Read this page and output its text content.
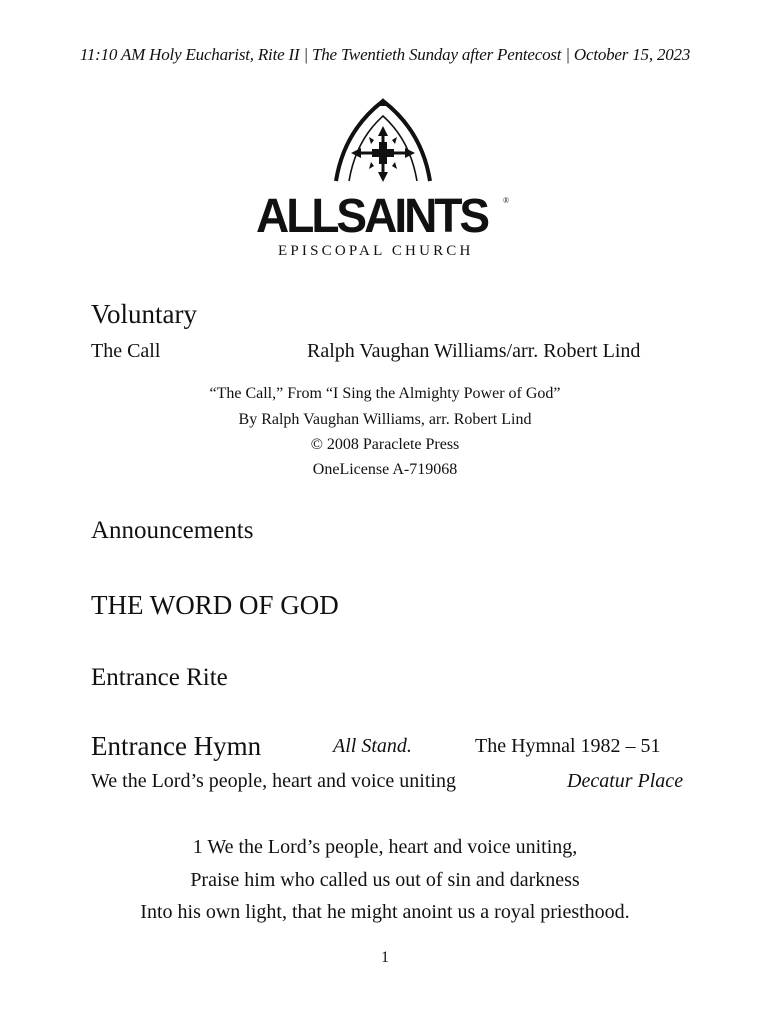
11:10 AM Holy Eucharist, Rite II | The Twentieth Sunday after Pentecost | October 15, 2023
ALLSAINTS ®
EPISCOPAL CHURCH
Voluntary
The Call	Ralph Vaughan Williams/arr. Robert Lind
“The Call,” From “I Sing the Almighty Power of God”
By Ralph Vaughan Williams, arr. Robert Lind
© 2008 Paraclete Press
OneLicense A-719068
Announcements
THE WORD OF GOD
Entrance Rite
Entrance Hymn	All Stand.	The Hymnal 1982 – 51
We the Lord’s people, heart and voice uniting	Decatur Place
1 We the Lord’s people, heart and voice uniting,
Praise him who called us out of sin and darkness
Into his own light, that he might anoint us a royal priesthood.
1
